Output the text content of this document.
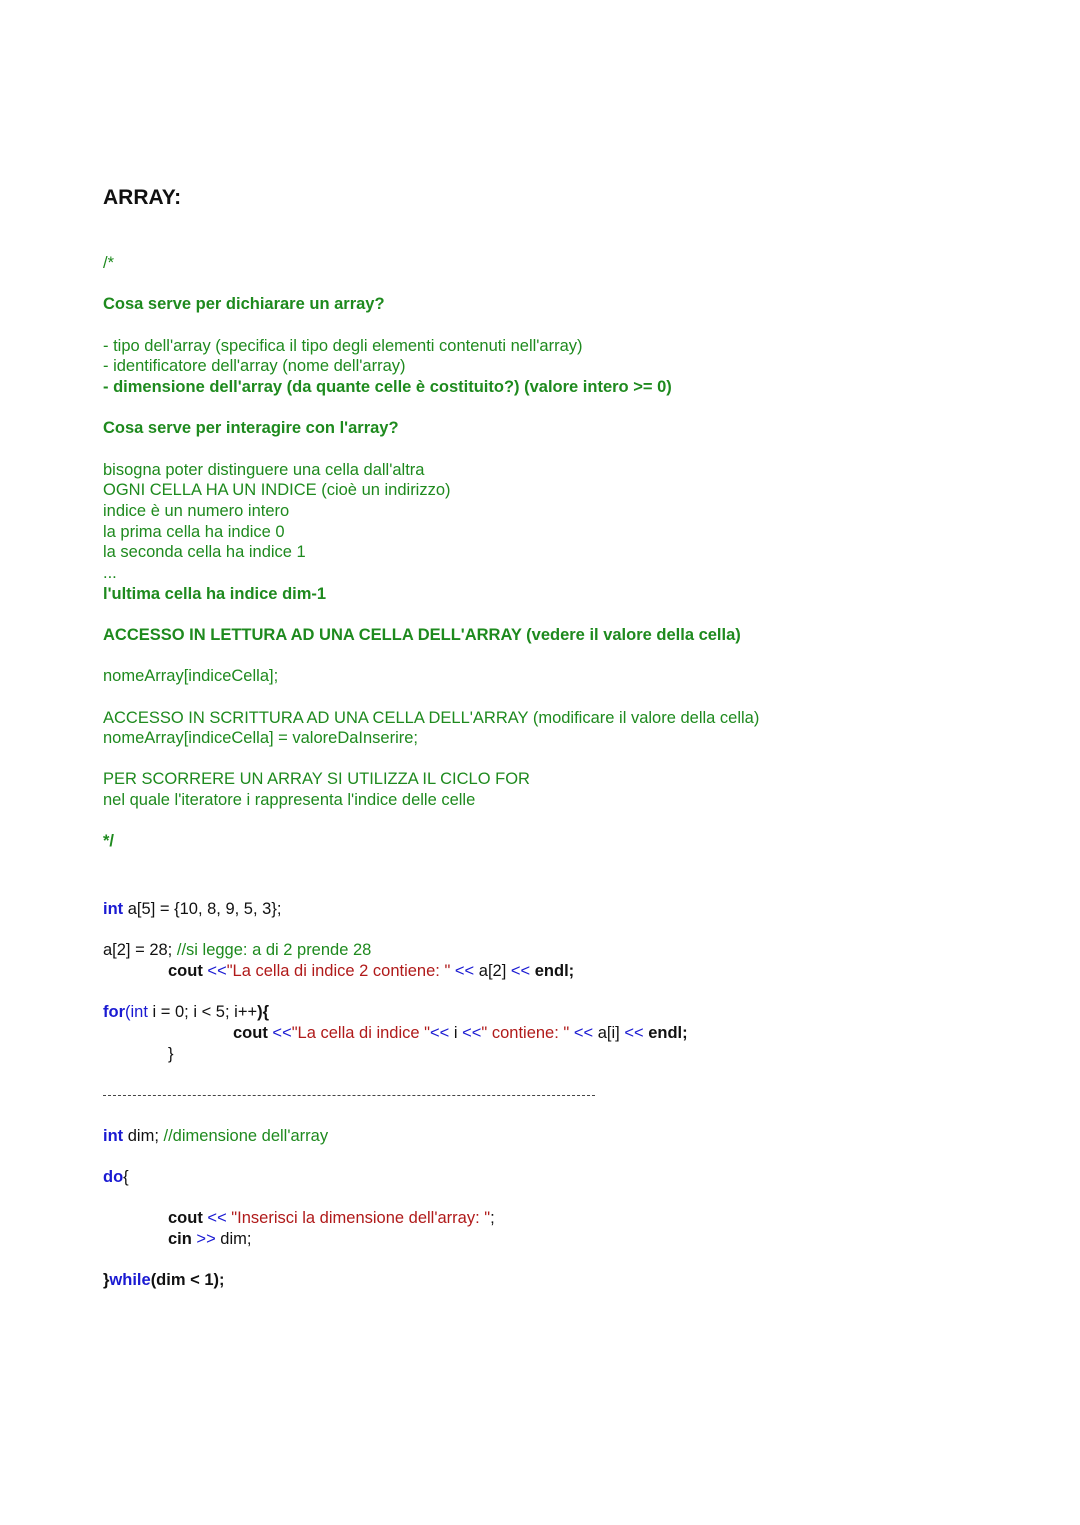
ARRAY:
/*
Cosa serve per dichiarare un array?
- tipo dell'array (specifica il tipo degli elementi contenuti nell'array)
- identificatore dell'array (nome dell'array)
- dimensione dell'array (da quante celle è costituito?) (valore intero >= 0)
Cosa serve per interagire con l'array?
bisogna poter distinguere una cella dall'altra
OGNI CELLA HA UN INDICE (cioè un indirizzo)
indice è un numero intero
la prima cella ha indice 0
la seconda cella ha indice 1
...
l'ultima cella ha indice dim-1
ACCESSO IN LETTURA AD UNA CELLA DELL'ARRAY (vedere il valore della cella)
nomeArray[indiceCella];
ACCESSO IN SCRITTURA AD UNA CELLA DELL'ARRAY (modificare il valore della cella)
nomeArray[indiceCella] = valoreDaInserire;
PER SCORRERE UN ARRAY SI UTILIZZA IL CICLO FOR
nel quale l'iteratore i rappresenta l'indice delle celle
*/
int a[5] = {10, 8, 9, 5, 3};
a[2] = 28; //si legge: a di 2 prende 28
cout <<"La cella di indice 2 contiene: " << a[2] << endl;
for(int i = 0; i < 5; i++){
cout <<"La cella di indice "<< i <<" contiene: " << a[i] << endl;
}
int dim; //dimensione dell'array
do{
cout << "Inserisci la dimensione dell'array: ";
cin >> dim;
}while(dim < 1);
